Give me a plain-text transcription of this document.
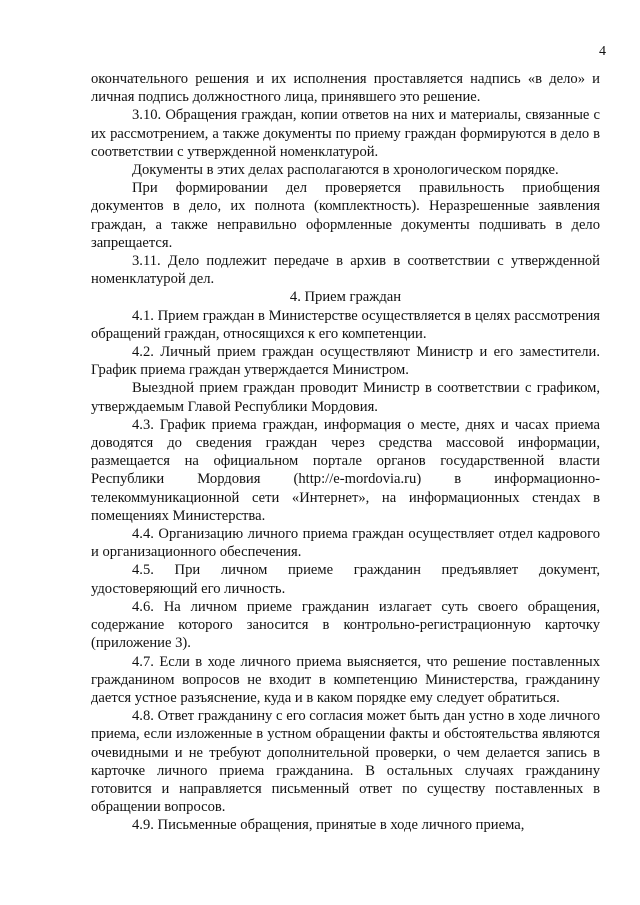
4

окончательного решения и их исполнения проставляется надпись «в дело» и личная подпись должностного лица, принявшего это решение.

3.10. Обращения граждан, копии ответов на них и материалы, связанные с их рассмотрением, а также документы по приему граждан формируются в дело в соответствии с утвержденной номенклатурой.

Документы в этих делах располагаются в хронологическом порядке.

При формировании дел проверяется правильность приобщения документов в дело, их полнота (комплектность). Неразрешенные заявления граждан, а также неправильно оформленные документы подшивать в дело запрещается.

3.11. Дело подлежит передаче в архив в соответствии с утвержденной номенклатурой дел.

4. Прием граждан

4.1. Прием граждан в Министерстве осуществляется в целях рассмотрения обращений граждан, относящихся к его компетенции.

4.2. Личный прием граждан осуществляют Министр и его заместители. График приема граждан утверждается Министром.

Выездной прием граждан проводит Министр в соответствии с графиком, утверждаемым Главой Республики Мордовия.

4.3. График приема граждан, информация о месте, днях и часах приема доводятся до сведения граждан через средства массовой информации, размещается на официальном портале органов государственной власти Республики Мордовия (http://e-mordovia.ru) в информационно-телекоммуникационной сети «Интернет», на информационных стендах в помещениях Министерства.

4.4. Организацию личного приема граждан осуществляет отдел кадрового и организационного обеспечения.

4.5. При личном приеме гражданин предъявляет документ, удостоверяющий его личность.

4.6. На личном приеме гражданин излагает суть своего обращения, содержание которого заносится в контрольно-регистрационную карточку (приложение 3).

4.7. Если в ходе личного приема выясняется, что решение поставленных гражданином вопросов не входит в компетенцию Министерства, гражданину дается устное разъяснение, куда и в каком порядке ему следует обратиться.

4.8. Ответ гражданину с его согласия может быть дан устно в ходе личного приема, если изложенные в устном обращении факты и обстоятельства являются очевидными и не требуют дополнительной проверки, о чем делается запись в карточке личного приема гражданина. В остальных случаях гражданину готовится и направляется письменный ответ по существу поставленных в обращении вопросов.

4.9. Письменные обращения, принятые в ходе личного приема,
